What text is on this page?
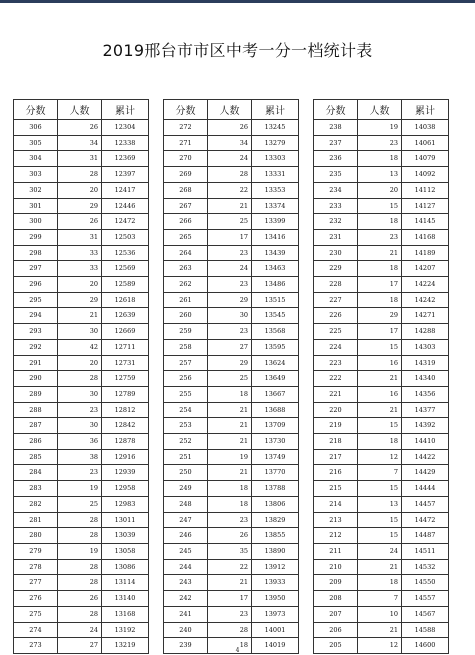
2019邢台市市区中考一分一档统计表
分数	人数	累计
306	26	12304
305	34	12338
304	31	12369
303	28	12397
302	20	12417
301	29	12446
300	26	12472
299	31	12503
298	33	12536
297	33	12569
296	20	12589
295	29	12618
294	21	12639
293	30	12669
292	42	12711
291	20	12731
290	28	12759
289	30	12789
288	23	12812
287	30	12842
286	36	12878
285	38	12916
284	23	12939
283	19	12958
282	25	12983
281	28	13011
280	28	13039
279	19	13058
278	28	13086
277	28	13114
276	26	13140
275	28	13168
274	24	13192
273	27	13219
分数	人数	累计
272	26	13245
271	34	13279
270	24	13303
269	28	13331
268	22	13353
267	21	13374
266	25	13399
265	17	13416
264	23	13439
263	24	13463
262	23	13486
261	29	13515
260	30	13545
259	23	13568
258	27	13595
257	29	13624
256	25	13649
255	18	13667
254	21	13688
253	21	13709
252	21	13730
251	19	13749
250	21	13770
249	18	13788
248	18	13806
247	23	13829
246	26	13855
245	35	13890
244	22	13912
243	21	13933
242	17	13950
241	23	13973
240	28	14001
239	18	14019
分数	人数	累计
238	19	14038
237	23	14061
236	18	14079
235	13	14092
234	20	14112
233	15	14127
232	18	14145
231	23	14168
230	21	14189
229	18	14207
228	17	14224
227	18	14242
226	29	14271
225	17	14288
224	15	14303
223	16	14319
222	21	14340
221	16	14356
220	21	14377
219	15	14392
218	18	14410
217	12	14422
216	7	14429
215	15	14444
214	13	14457
213	15	14472
212	15	14487
211	24	14511
210	21	14532
209	18	14550
208	7	14557
207	10	14567
206	21	14588
205	12	14600
4
